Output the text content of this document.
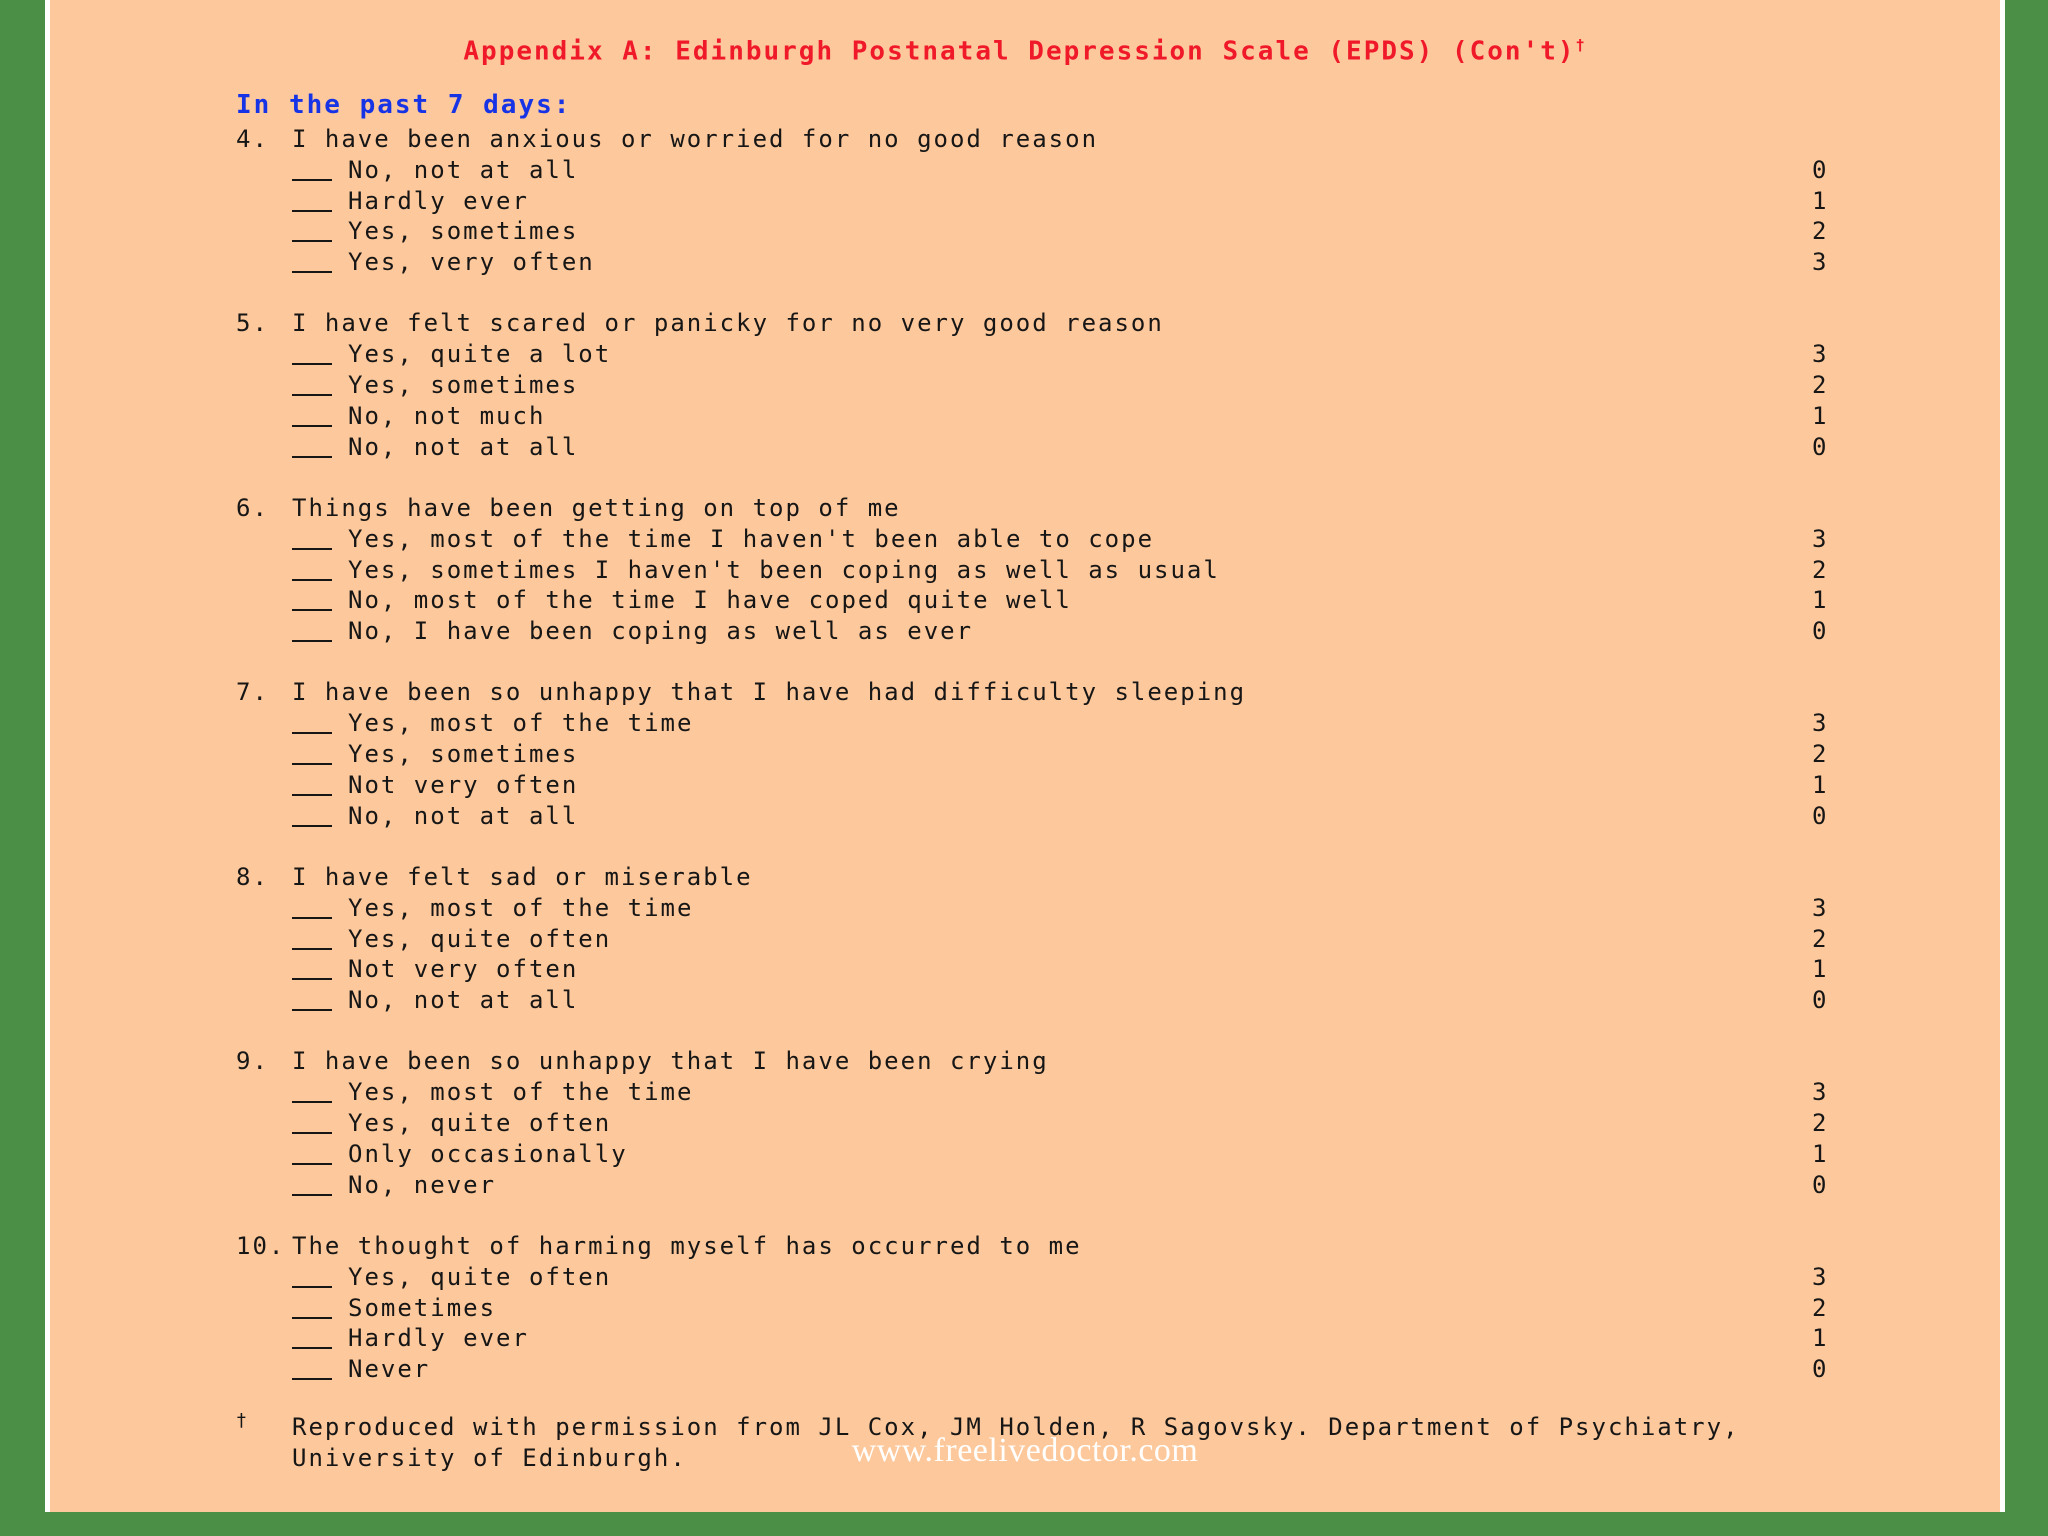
Appendix A: Edinburgh Postnatal Depression Scale (EPDS) (Con't)†
In the past 7 days:
4. I have been anxious or worried for no good reason
No, not at all	0
Hardly ever	1
Yes, sometimes	2
Yes, very often	3
5. I have felt scared or panicky for no very good reason
Yes, quite a lot	3
Yes, sometimes	2
No, not much	1
No, not at all	0
6. Things have been getting on top of me
Yes, most of the time I haven't been able to cope	3
Yes, sometimes I haven't been coping as well as usual	2
No, most of the time I have coped quite well	1
No, I have been coping as well as ever	0
7. I have been so unhappy that I have had difficulty sleeping
Yes, most of the time	3
Yes, sometimes	2
Not very often	1
No, not at all	0
8. I have felt sad or miserable
Yes, most of the time	3
Yes, quite often	2
Not very often	1
No, not at all	0
9. I have been so unhappy that I have been crying
Yes, most of the time	3
Yes, quite often	2
Only occasionally	1
No, never	0
10. The thought of harming myself has occurred to me
Yes, quite often	3
Sometimes	2
Hardly ever	1
Never	0
† Reproduced with permission from JL Cox, JM Holden, R Sagovsky. Department of Psychiatry,
University of Edinburgh.	www.freelivedoctor.com
